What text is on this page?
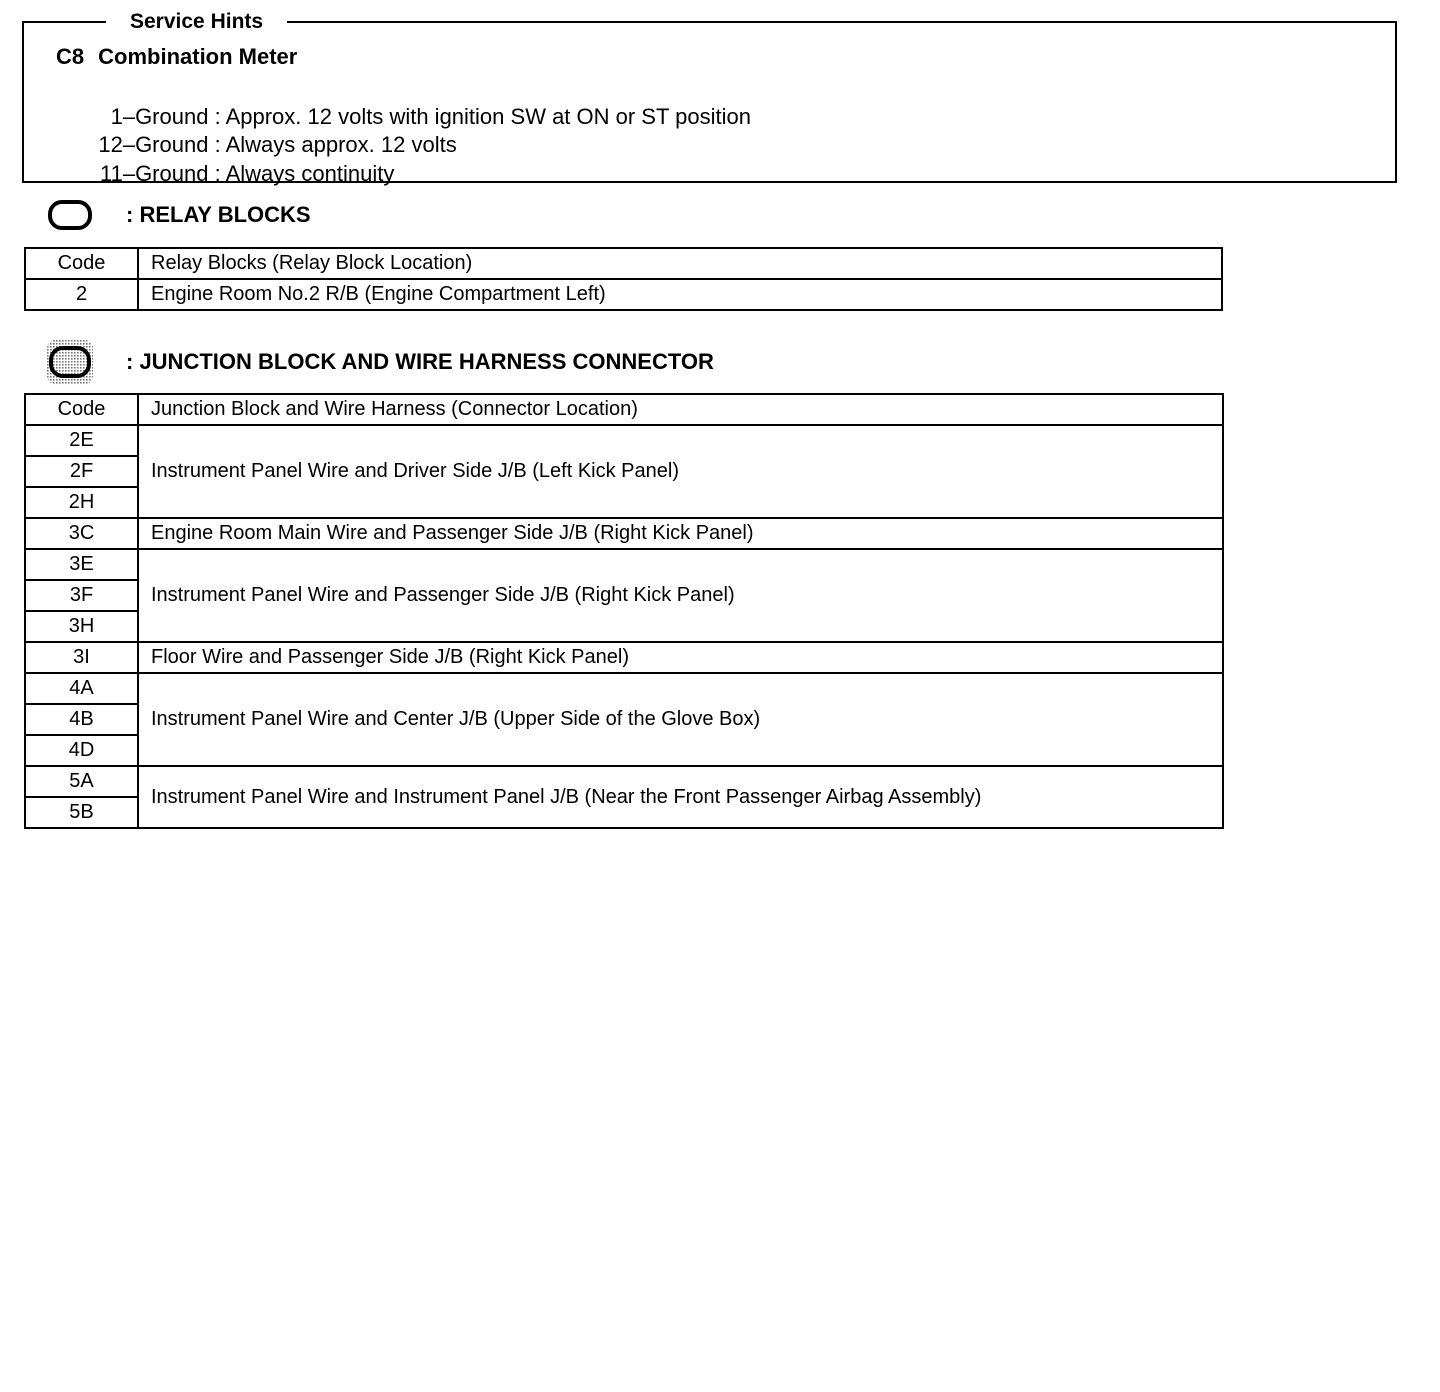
Service Hints
C8 Combination Meter

1–Ground : Approx. 12 volts with ignition SW at ON or ST position

12–Ground : Always approx. 12 volts

11–Ground : Always continuity

: RELAY BLOCKS
Code	Relay Blocks (Relay Block Location)
2	Engine Room No.2 R/B (Engine Compartment Left)
: JUNCTION BLOCK AND WIRE HARNESS CONNECTOR
Code	Junction Block and Wire Harness (Connector Location)
2E	Instrument Panel Wire and Driver Side J/B (Left Kick Panel)
2F	
2H	
3C	Engine Room Main Wire and Passenger Side J/B (Right Kick Panel)
3E	Instrument Panel Wire and Passenger Side J/B (Right Kick Panel)
3F	
3H	
3I	Floor Wire and Passenger Side J/B (Right Kick Panel)
4A	Instrument Panel Wire and Center J/B (Upper Side of the Glove Box)
4B	
4D	
5A	Instrument Panel Wire and Instrument Panel J/B (Near the Front Passenger Airbag Assembly)
5B	
